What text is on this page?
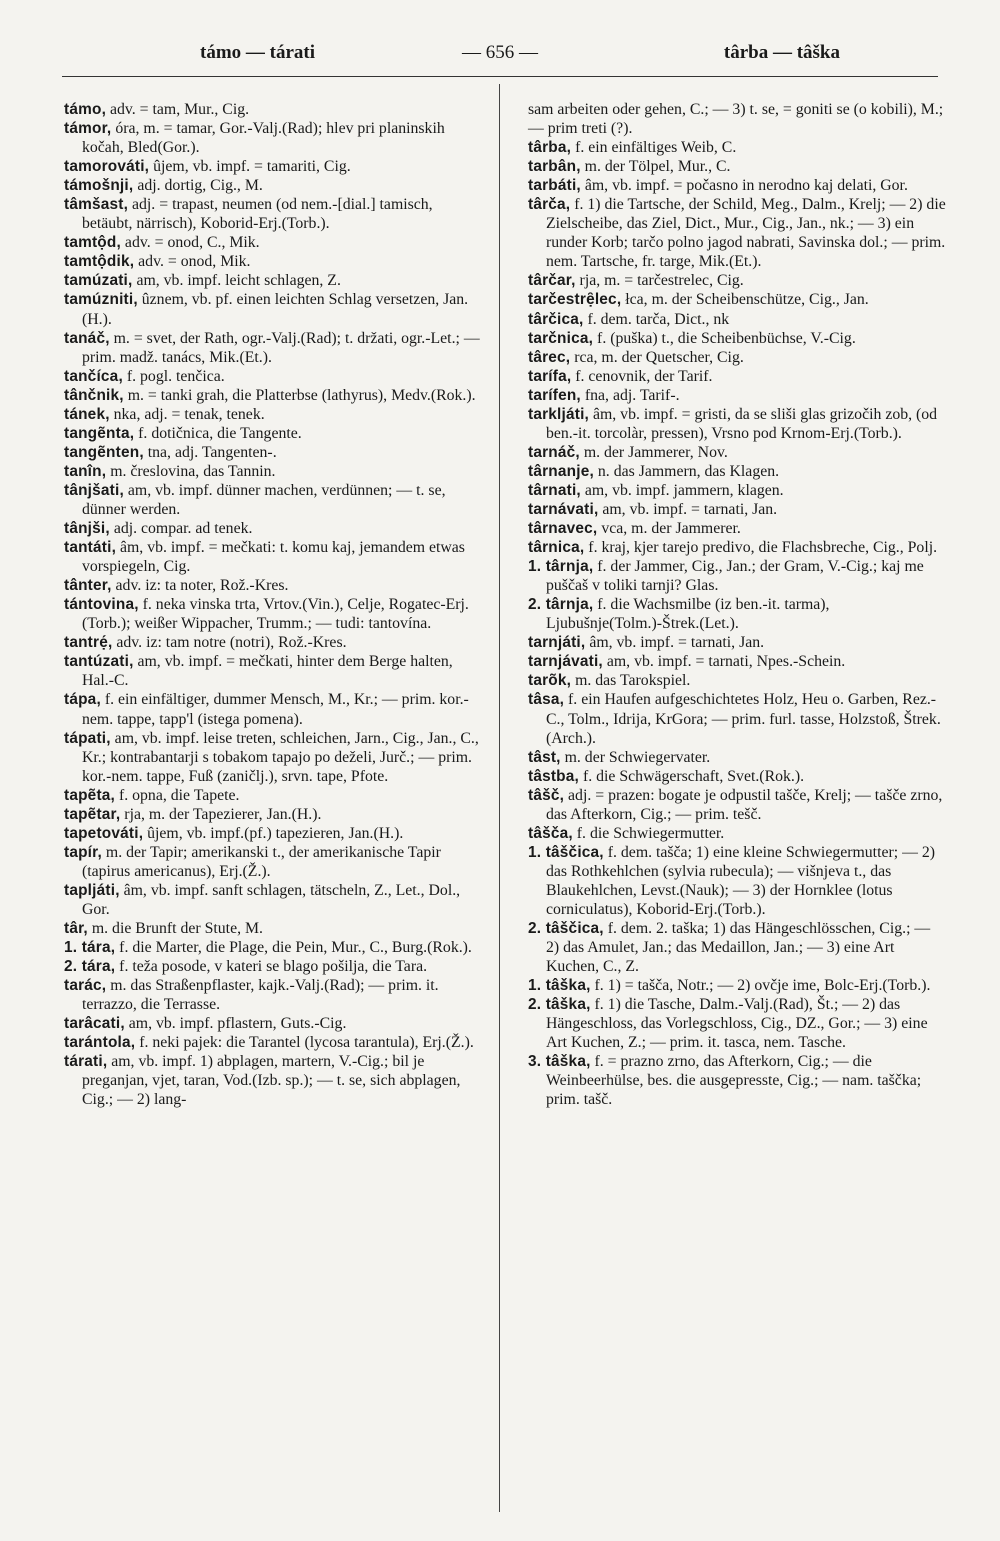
támo — tárati	— 656 —	târba — tâška

támo, adv. = tam, Mur., Cig.

támor, óra, m. = tamar, Gor.-Valj.(Rad); hlev pri planinskih kočah, Bled(Gor.).

tamorováti, ûjem, vb. impf. = tamariti, Cig.

támošnji, adj. dortig, Cig., M.

tâmšast, adj. = trapast, neumen (od nem.-[dial.] tamisch, betäubt, närrisch), Koborid-Erj.(Torb.).

tamtộd, adv. = onod, C., Mik.

tamtộdik, adv. = onod, Mik.

tamúzati, am, vb. impf. leicht schlagen, Z.

tamúzniti, ûznem, vb. pf. einen leichten Schlag versetzen, Jan.(H.).

tanáč, m. = svet, der Rath, ogr.-Valj.(Rad); t. držati, ogr.-Let.; — prim. madž. tanács, Mik.(Et.).

tančíca, f. pogl. tenčica.

tânčnik, m. = tanki grah, die Platterbse (lathyrus), Medv.(Rok.).

tánek, nka, adj. = tenak, tenek.

tangẽnta, f. dotičnica, die Tangente.

tangẽnten, tna, adj. Tangenten-.

tanîn, m. čreslovina, das Tannin.

tânjšati, am, vb. impf. dünner machen, verdünnen; — t. se, dünner werden.

tânjši, adj. compar. ad tenek.

tantáti, âm, vb. impf. = mečkati: t. komu kaj, jemandem etwas vorspiegeln, Cig.

tânter, adv. iz: ta noter, Rož.-Kres.

tántovina, f. neka vinska trta, Vrtov.(Vin.), Celje, Rogatec-Erj.(Torb.); weißer Wippacher, Trumm.; — tudi: tantovína.

tantrẹ́, adv. iz: tam notre (notri), Rož.-Kres.

tantúzati, am, vb. impf. = mečkati, hinter dem Berge halten, Hal.-C.

tápa, f. ein einfältiger, dummer Mensch, M., Kr.; — prim. kor.-nem. tappe, tapp'l (istega pomena).

tápati, am, vb. impf. leise treten, schleichen, Jarn., Cig., Jan., C., Kr.; kontrabantarji s tobakom tapajo po deželi, Jurč.; — prim. kor.-nem. tappe, Fuß (zaničlj.), srvn. tape, Pfote.

tapẽta, f. opna, die Tapete.

tapẽtar, rja, m. der Tapezierer, Jan.(H.).

tapetováti, ûjem, vb. impf.(pf.) tapezieren, Jan.(H.).

tapír, m. der Tapir; amerikanski t., der amerikanische Tapir (tapirus americanus), Erj.(Ž.).

tapljáti, âm, vb. impf. sanft schlagen, tätscheln, Z., Let., Dol., Gor.

târ, m. die Brunft der Stute, M.

1. tára, f. die Marter, die Plage, die Pein, Mur., C., Burg.(Rok.).

2. tára, f. teža posode, v kateri se blago pošilja, die Tara.

tarác, m. das Straßenpflaster, kajk.-Valj.(Rad); — prim. it. terrazzo, die Terrasse.

tarâcati, am, vb. impf. pflastern, Guts.-Cig.

tarántola, f. neki pajek: die Tarantel (lycosa tarantula), Erj.(Ž.).

tárati, am, vb. impf. 1) abplagen, martern, V.-Cig.; bil je preganjan, vjet, taran, Vod.(Izb. sp.); — t. se, sich abplagen, Cig.; — 2) lang-

sam arbeiten oder gehen, C.; — 3) t. se, = goniti se (o kobili), M.; — prim treti (?).

târba, f. ein einfältiges Weib, C.

tarbân, m. der Tölpel, Mur., C.

tarbáti, âm, vb. impf. = počasno in nerodno kaj delati, Gor.

târča, f. 1) die Tartsche, der Schild, Meg., Dalm., Krelj; — 2) die Zielscheibe, das Ziel, Dict., Mur., Cig., Jan., nk.; — 3) ein runder Korb; tarčo polno jagod nabrati, Savinska dol.; — prim. nem. Tartsche, fr. targe, Mik.(Et.).

târčar, rja, m. = tarčestrelec, Cig.

tarčestrẹ̑lec, łca, m. der Scheibenschütze, Cig., Jan.

târčica, f. dem. tarča, Dict., nk

tarčnica, f. (puška) t., die Scheibenbüchse, V.-Cig.

târec, rca, m. der Quetscher, Cig.

tarífa, f. cenovnik, der Tarif.

tarífen, fna, adj. Tarif-.

tarkljáti, âm, vb. impf. = gristi, da se sliši glas grizočih zob, (od ben.-it. torcolàr, pressen), Vrsno pod Krnom-Erj.(Torb.).

tarnáč, m. der Jammerer, Nov.

târnanje, n. das Jammern, das Klagen.

târnati, am, vb. impf. jammern, klagen.

tarnávati, am, vb. impf. = tarnati, Jan.

târnavec, vca, m. der Jammerer.

târnica, f. kraj, kjer tarejo predivo, die Flachsbreche, Cig., Polj.

1. târnja, f. der Jammer, Cig., Jan.; der Gram, V.-Cig.; kaj me puščaš v toliki tarnji? Glas.

2. târnja, f. die Wachsmilbe (iz ben.-it. tarma), Ljubušnje(Tolm.)-Štrek.(Let.).

tarnjáti, âm, vb. impf. = tarnati, Jan.

tarnjávati, am, vb. impf. = tarnati, Npes.-Schein.

tarõk, m. das Tarokspiel.

tâsa, f. ein Haufen aufgeschichtetes Holz, Heu o. Garben, Rez.-C., Tolm., Idrija, KrGora; — prim. furl. tasse, Holzstoß, Štrek.(Arch.).

tâst, m. der Schwiegervater.

tâstba, f. die Schwägerschaft, Svet.(Rok.).

tâšč, adj. = prazen: bogate je odpustil tašče, Krelj; — tašče zrno, das Afterkorn, Cig.; — prim. tešč.

tâšča, f. die Schwiegermutter.

1. tâščica, f. dem. tašča; 1) eine kleine Schwiegermutter; — 2) das Rothkehlchen (sylvia rubecula); — višnjeva t., das Blaukehlchen, Levst.(Nauk); — 3) der Hornklee (lotus corniculatus), Koborid-Erj.(Torb.).

2. tâščica, f. dem. 2. taška; 1) das Hängeschlösschen, Cig.; — 2) das Amulet, Jan.; das Medaillon, Jan.; — 3) eine Art Kuchen, C., Z.

1. tâška, f. 1) = tašča, Notr.; — 2) ovčje ime, Bolc-Erj.(Torb.).

2. tâška, f. 1) die Tasche, Dalm.-Valj.(Rad), Št.; — 2) das Hängeschloss, das Vorlegschloss, Cig., DZ., Gor.; — 3) eine Art Kuchen, Z.; — prim. it. tasca, nem. Tasche.

3. tâška, f. = prazno zrno, das Afterkorn, Cig.; — die Weinbeerhülse, bes. die ausgepresste, Cig.; — nam. taščka; prim. tašč.
